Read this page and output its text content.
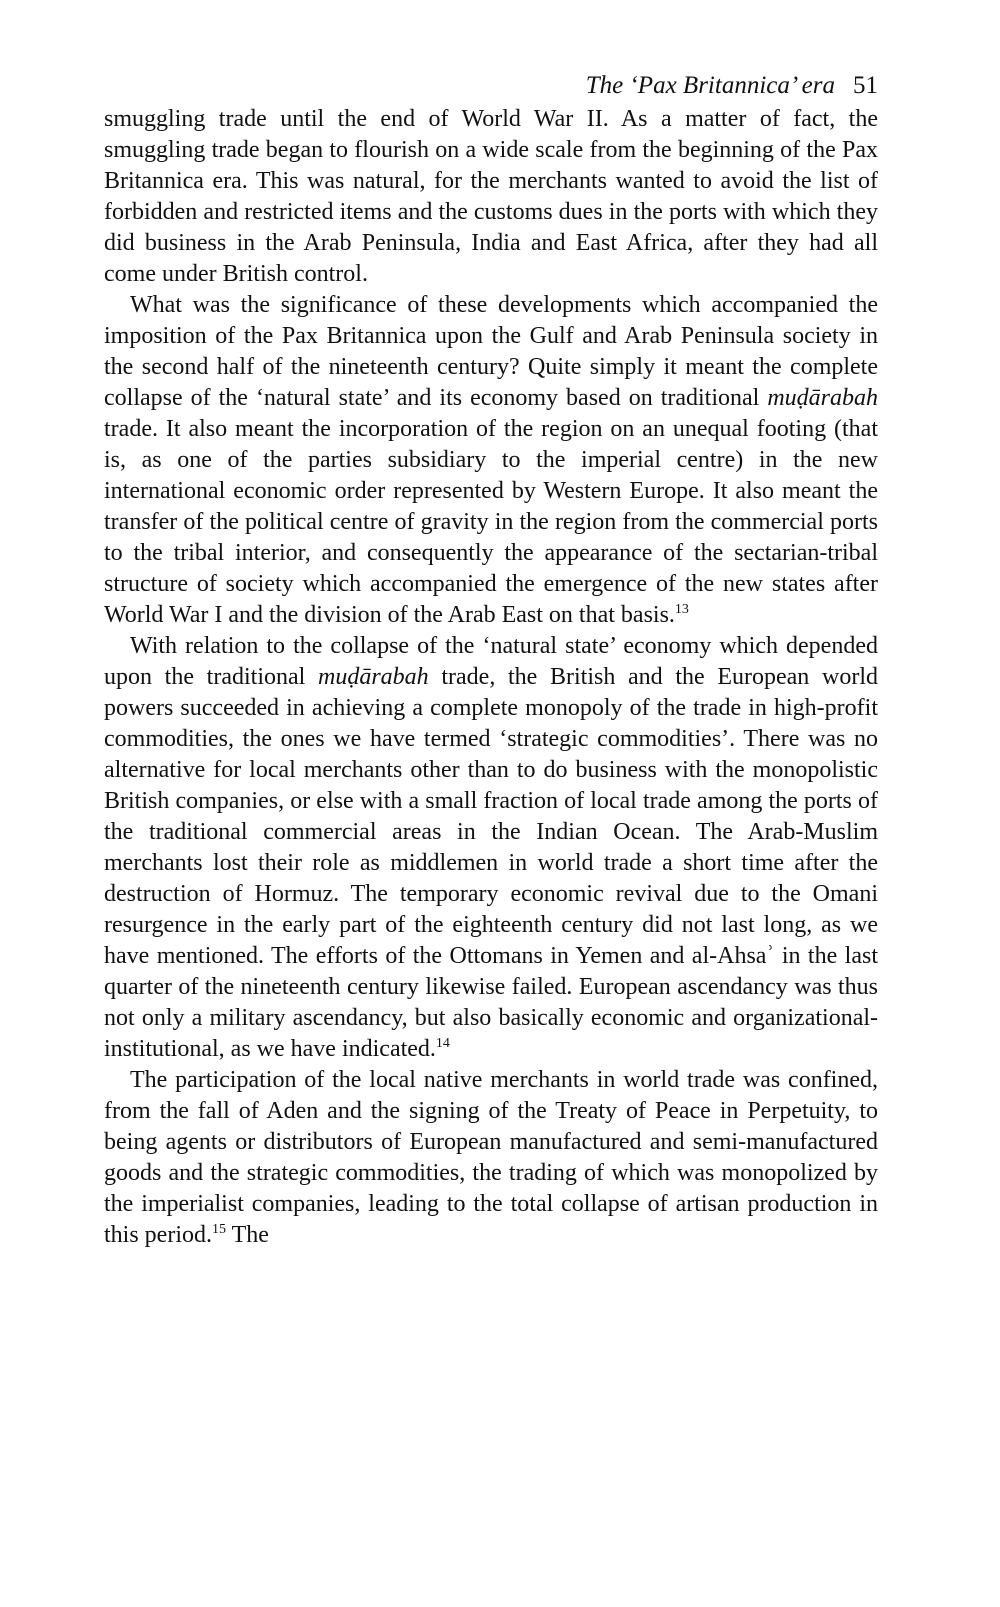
The ‘Pax Britannica’ era 51

smuggling trade until the end of World War II. As a matter of fact, the smuggling trade began to flourish on a wide scale from the beginning of the Pax Britannica era. This was natural, for the merchants wanted to avoid the list of forbidden and restricted items and the customs dues in the ports with which they did business in the Arab Peninsula, India and East Africa, after they had all come under British control.

What was the significance of these developments which accompanied the imposition of the Pax Britannica upon the Gulf and Arab Peninsula society in the second half of the nineteenth century? Quite simply it meant the complete collapse of the ‘natural state’ and its economy based on traditional muḍārabah trade. It also meant the incorporation of the region on an unequal footing (that is, as one of the parties subsidiary to the imperial centre) in the new international economic order represented by Western Europe. It also meant the transfer of the political centre of gravity in the region from the commercial ports to the tribal interior, and consequently the appearance of the sectarian-tribal structure of society which accompanied the emergence of the new states after World War I and the division of the Arab East on that basis.$^{13}$

With relation to the collapse of the ‘natural state’ economy which depended upon the traditional muḍārabah trade, the British and the European world powers succeeded in achieving a complete monopoly of the trade in high-profit commodities, the ones we have termed ‘strategic commodities’. There was no alternative for local merchants other than to do business with the monopolistic British companies, or else with a small fraction of local trade among the ports of the traditional commercial areas in the Indian Ocean. The Arab-Muslim merchants lost their role as middlemen in world trade a short time after the destruction of Hormuz. The temporary economic revival due to the Omani resurgence in the early part of the eighteenth century did not last long, as we have mentioned. The efforts of the Ottomans in Yemen and al-Ahsaʾ in the last quarter of the nineteenth century likewise failed. European ascendancy was thus not only a military ascendancy, but also basically economic and organizational-institutional, as we have indicated.$^{14}$

The participation of the local native merchants in world trade was confined, from the fall of Aden and the signing of the Treaty of Peace in Perpetuity, to being agents or distributors of European manufactured and semi-manufactured goods and the strategic commodities, the trading of which was monopolized by the imperialist companies, leading to the total collapse of artisan production in this period.$^{15}$ The
